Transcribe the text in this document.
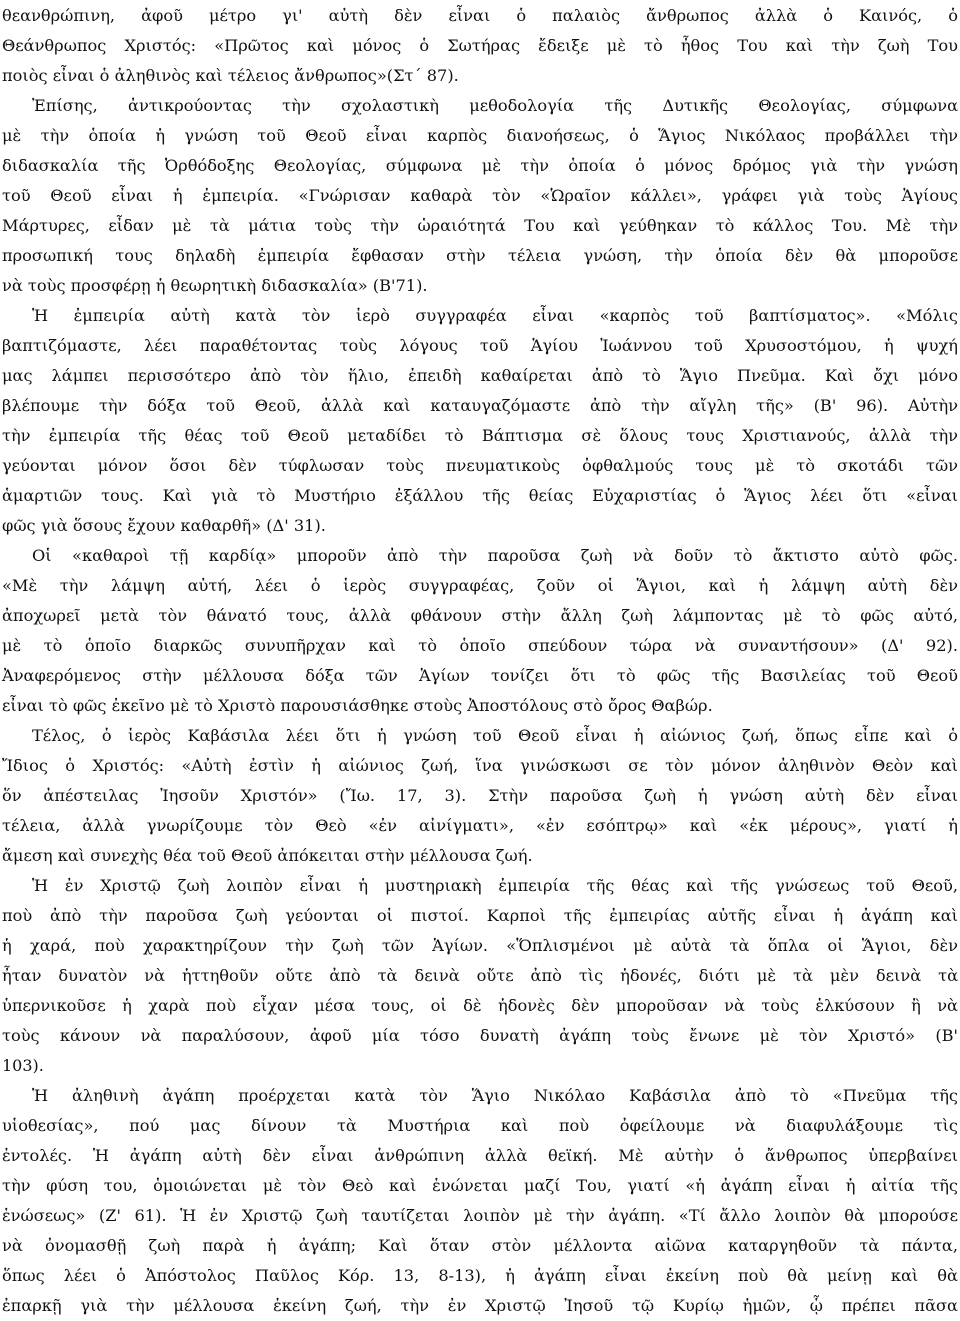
θεανθρώπινη, ἀφοῦ μέτρο γι' αὐτὴ δὲν εἶναι ὁ παλαιὸς ἄνθρωπος ἀλλὰ ὁ Καινός, ὁ
Θεάνθρωπος Χριστός: «Πρῶτος καὶ μόνος ὁ Σωτήρας ἔδειξε μὲ τὸ ἦθος Του καὶ τὴν ζωὴ Του
ποιὸς εἶναι ὁ ἀληθινὸς καὶ τέλειος ἄνθρωπος»(Στ΄ 87).
Ἐπίσης, ἀντικρούοντας τὴν σχολαστικὴ μεθοδολογία τῆς Δυτικῆς Θεολογίας, σύμφωνα
μὲ τὴν ὁποία ἡ γνώση τοῦ Θεοῦ εἶναι καρπὸς διανοήσεως, ὁ Ἅγιος Νικόλαος προβάλλει τὴν
διδασκαλία τῆς Ὀρθόδοξης Θεολογίας, σύμφωνα μὲ τὴν ὁποία ὁ μόνος δρόμος γιὰ τὴν γνώση
τοῦ Θεοῦ εἶναι ἡ ἐμπειρία. «Γνώρισαν καθαρὰ τὸν «Ὡραῖον κάλλει», γράφει γιὰ τοὺς Ἁγίους
Μάρτυρες, εἶδαν μὲ τὰ μάτια τοὺς τὴν ὡραιότητά Του καὶ γεύθηκαν τὸ κάλλος Του. Μὲ τὴν
προσωπική τους δηλαδὴ ἐμπειρία ἔφθασαν στὴν τέλεια γνώση, τὴν ὁποία δὲν θὰ μποροῦσε
νὰ τοὺς προσφέρῃ ἡ θεωρητικὴ διδασκαλία» (Β'71).
Ἡ ἐμπειρία αὐτὴ κατὰ τὸν ἱερὸ συγγραφέα εἶναι «καρπὸς τοῦ βαπτίσματος». «Μόλις
βαπτιζόμαστε, λέει παραθέτοντας τοὺς λόγους τοῦ Ἁγίου Ἰωάννου τοῦ Χρυσοστόμου, ἡ ψυχή
μας λάμπει περισσότερο ἀπὸ τὸν ἥλιο, ἐπειδὴ καθαίρεται ἀπὸ τὸ Ἅγιο Πνεῦμα. Καὶ ὄχι μόνο
βλέπουμε τὴν δόξα τοῦ Θεοῦ, ἀλλὰ καὶ καταυγαζόμαστε ἀπὸ τὴν αἴγλη τῆς» (Β' 96). Αὐτὴν
τὴν ἐμπειρία τῆς θέας τοῦ Θεοῦ μεταδίδει τὸ Βάπτισμα σὲ ὅλους τους Χριστιανούς, ἀλλὰ τὴν
γεύονται μόνον ὅσοι δὲν τύφλωσαν τοὺς πνευματικοὺς ὀφθαλμούς τους μὲ τὸ σκοτάδι τῶν
ἁμαρτιῶν τους. Καὶ γιὰ τὸ Μυστήριο ἐξάλλου τῆς θείας Εὐχαριστίας ὁ Ἅγιος λέει ὅτι «εἶναι
φῶς γιὰ ὅσους ἔχουν καθαρθῆ» (Δ' 31).
Οἱ «καθαροὶ τῇ καρδίᾳ» μποροῦν ἀπὸ τὴν παροῦσα ζωὴ νὰ δοῦν τὸ ἄκτιστο αὐτὸ φῶς.
«Μὲ τὴν λάμψη αὐτή, λέει ὁ ἱερὸς συγγραφέας, ζοῦν οἱ Ἅγιοι, καὶ ἡ λάμψη αὐτὴ δὲν
ἀποχωρεῖ μετὰ τὸν θάνατό τους, ἀλλὰ φθάνουν στὴν ἄλλη ζωὴ λάμποντας μὲ τὸ φῶς αὐτό,
μὲ τὸ ὁποῖο διαρκῶς συνυπῆρχαν καὶ τὸ ὁποῖο σπεύδουν τώρα νὰ συναντήσουν» (Δ' 92).
Ἀναφερόμενος στὴν μέλλουσα δόξα τῶν Ἁγίων τονίζει ὅτι τὸ φῶς τῆς Βασιλείας τοῦ Θεοῦ
εἶναι τὸ φῶς ἐκεῖνο μὲ τὸ Χριστὸ παρουσιάσθηκε στοὺς Ἀποστόλους στὸ ὄρος Θαβώρ.
Τέλος, ὁ ἱερὸς Καβάσιλα λέει ὅτι ἡ γνώση τοῦ Θεοῦ εἶναι ἡ αἰώνιος ζωή, ὅπως εἶπε καὶ ὁ
Ἴδιος ὁ Χριστός: «Αὐτὴ ἐστὶν ἡ αἰώνιος ζωή, ἵνα γινώσκωσι σε τὸν μόνον ἀληθινὸν Θεὸν καὶ
ὅν ἀπέστειλας Ἰησοῦν Χριστόν» (Ἴω. 17, 3). Στὴν παροῦσα ζωὴ ἡ γνώση αὐτὴ δὲν εἶναι
τέλεια, ἀλλὰ γνωρίζουμε τὸν Θεὸ «ἐν αἰνίγματι», «ἐν εσόπτρῳ» καὶ «ἐκ μέρους», γιατί ἡ
ἄμεση καὶ συνεχὴς θέα τοῦ Θεοῦ ἀπόκειται στὴν μέλλουσα ζωή.
Ἡ ἐν Χριστῷ ζωὴ λοιπὸν εἶναι ἡ μυστηριακὴ ἐμπειρία τῆς θέας καὶ τῆς γνώσεως τοῦ Θεοῦ,
ποὺ ἀπὸ τὴν παροῦσα ζωὴ γεύονται οἱ πιστοί. Καρποὶ τῆς ἐμπειρίας αὐτῆς εἶναι ἡ ἀγάπη καὶ
ἡ χαρά, ποὺ χαρακτηρίζουν τὴν ζωὴ τῶν Ἁγίων. «Ὅπλισμένοι μὲ αὐτὰ τὰ ὅπλα οἱ Ἅγιοι, δὲν
ἦταν δυνατὸν νὰ ἡττηθοῦν οὔτε ἀπὸ τὰ δεινὰ οὔτε ἀπὸ τὶς ἡδονές, διότι μὲ τὰ μὲν δεινὰ τὰ
ὑπερνικοῦσε ἡ χαρὰ ποὺ εἶχαν μέσα τους, οἱ δὲ ἡδονὲς δὲν μποροῦσαν νὰ τοὺς ἑλκύσουν ἢ νὰ
τοὺς κάνουν νὰ παραλύσουν, ἀφοῦ μία τόσο δυνατὴ ἀγάπη τοὺς ἔνωνε μὲ τὸν Χριστό» (Β'
103).
Ἡ ἀληθινὴ ἀγάπη προέρχεται κατὰ τὸν Ἅγιο Νικόλαο Καβάσιλα ἀπὸ τὸ «Πνεῦμα τῆς
υἱοθεσίας», πού μας δίνουν τὰ Μυστήρια καὶ ποὺ ὀφείλουμε νὰ διαφυλάξουμε τὶς
ἐντολές. Ἡ ἀγάπη αὐτὴ δὲν εἶναι ἀνθρώπινη ἀλλὰ θεϊκή. Μὲ αὐτὴν ὁ ἄνθρωπος ὑπερβαίνει
τὴν φύση του, ὁμοιώνεται μὲ τὸν Θεὸ καὶ ἑνώνεται μαζί Του, γιατί «ἡ ἀγάπη εἶναι ἡ αἰτία τῆς
ἑνώσεως» (Ζ' 61). Ἡ ἐν Χριστῷ ζωὴ ταυτίζεται λοιπὸν μὲ τὴν ἀγάπη. «Τί ἄλλο λοιπὸν θὰ μπορούσε
νὰ ὀνομασθῇ ζωὴ παρὰ ἡ ἀγάπη; Καὶ ὅταν στὸν μέλλοντα αἰῶνα καταργηθοῦν τὰ πάντα,
ὅπως λέει ὁ Ἀπόστολος Παῦλος Κόρ. 13, 8-13), ἡ ἀγάπη εἶναι ἐκείνη ποὺ θὰ μείνῃ καὶ θὰ
ἐπαρκῇ γιὰ τὴν μέλλουσα ἐκείνη ζωή, τὴν ἐν Χριστῷ Ἰησοῦ τῷ Κυρίῳ ἡμῶν, ᾧ πρέπει πᾶσα
